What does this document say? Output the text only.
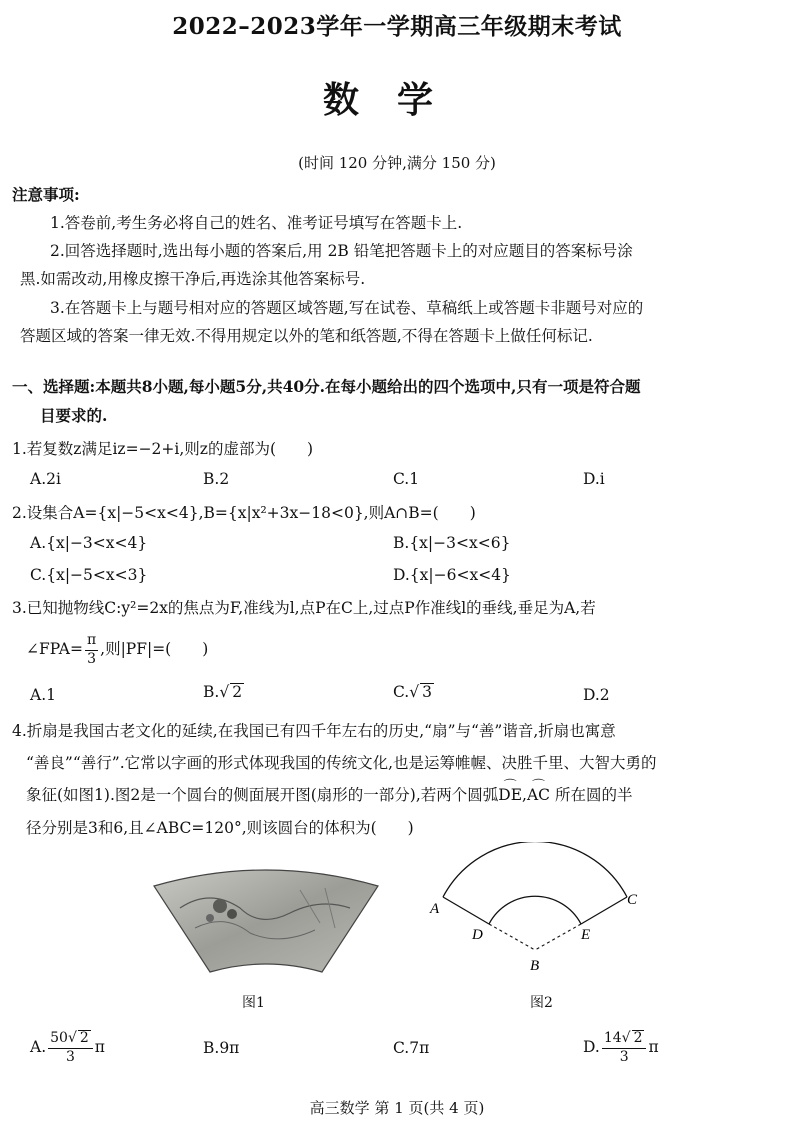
2022–2023学年一学期高三年级期末考试
数学
(时间 120 分钟,满分 150 分)
注意事项:
1.答卷前,考生务必将自己的姓名、准考证号填写在答题卡上.
2.回答选择题时,选出每小题的答案后,用 2B 铅笔把答题卡上的对应题目的答案标号涂
黑.如需改动,用橡皮擦干净后,再选涂其他答案标号.
3.在答题卡上与题号相对应的答题区域答题,写在试卷、草稿纸上或答题卡非题号对应的
答题区域的答案一律无效.不得用规定以外的笔和纸答题,不得在答题卡上做任何标记.
一、选择题:本题共8小题,每小题5分,共40分.在每小题给出的四个选项中,只有一项是符合题
目要求的.
1.若复数z满足iz=−2+i,则z的虚部为(　　)
A.2i	B.2	C.1	D.i
2.设集合A={x|−5<x<4},B={x|x²+3x−18<0},则A∩B=(　　)
A.{x|−3<x<4}	B.{x|−3<x<6}
C.{x|−5<x<3}	D.{x|−6<x<4}
3.已知抛物线C:y²=2x的焦点为F,准线为l,点P在C上,过点P作准线l的垂线,垂足为A,若
∠FPA= $\frac{\pi}{3}$ ,则|PF|=(　　)
A.1	B.√ 2	C.√ 3	D.2
4.折扇是我国古老文化的延续,在我国已有四千年左右的历史,“扇”与“善”谐音,折扇也寓意
“善良”“善行”.它常以字画的形式体现我国的传统文化,也是运筹帷幄、决胜千里、大智大勇的
象征(如图1).图2是一个圆台的侧面展开图(扇形的一部分),若两个圆弧⌒ DE,⌒ AC 所在圆的半
径分别是3和6,且∠ABC=120°,则该圆台的体积为(　　)
图1
A
C
D	E
B
图2
A. $\frac{50√ 2}{3}$ π	B.9π	C.7π	D. $\frac{14√ 2}{3}$ π
高三数学 第 1 页(共 4 页)
